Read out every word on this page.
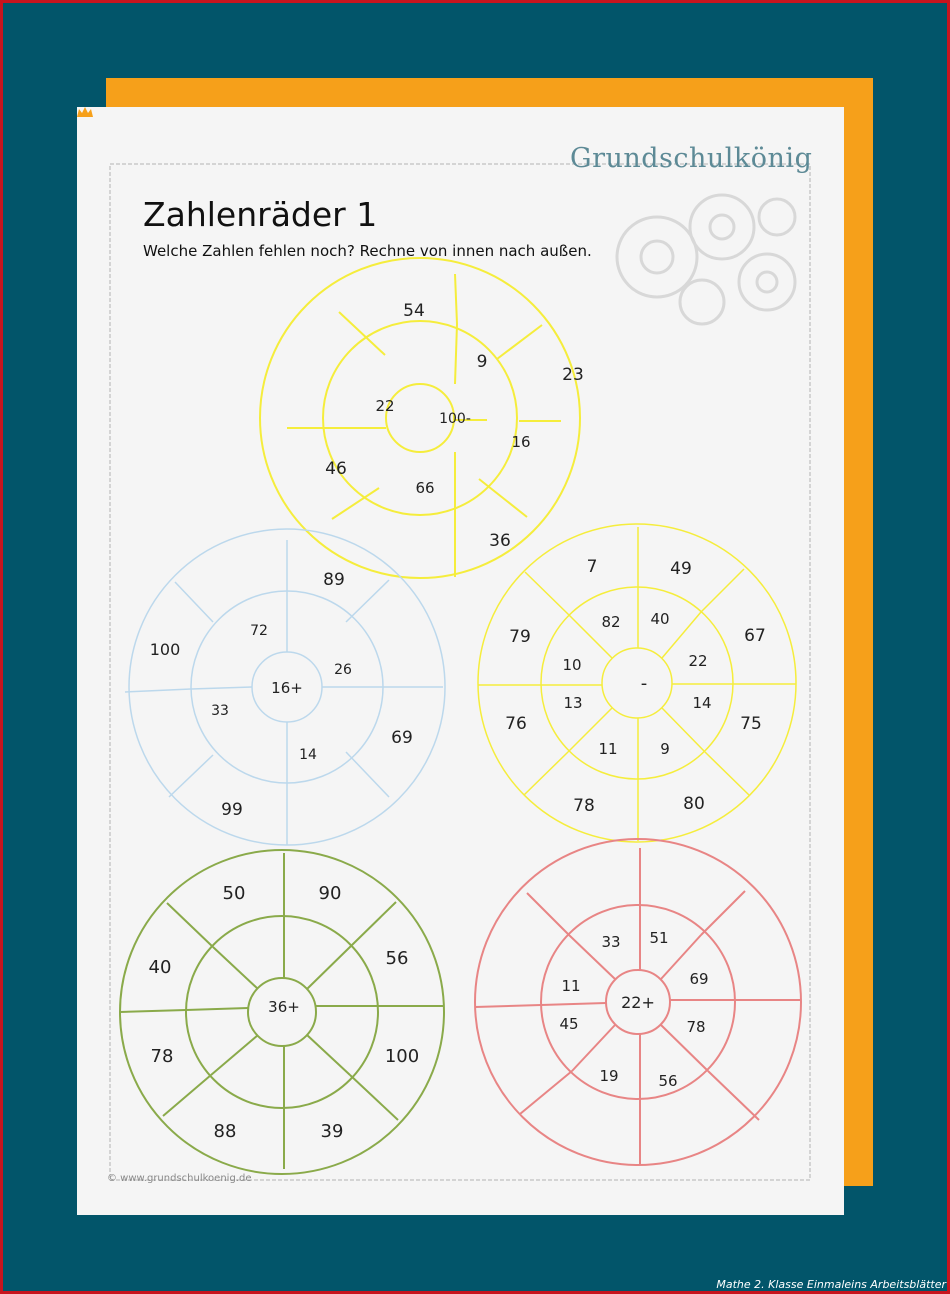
100-
9
16
66
22
54
23
36
46
16+
72
26
14
33
89
69
99
100
-
40
22
14
9
11
13
10
82
7	49
67
75
80
78
76
79
36+
50	90
56
100
39
88
78
40
22+
33 51
69
78
56
19
45
11
Grundschulkönig
Zahlenräder 1
Welche Zahlen fehlen noch? Rechne von innen nach außen.
© www.grundschulkoenig.de
Mathe 2. Klasse Einmaleins Arbeitsblätter
